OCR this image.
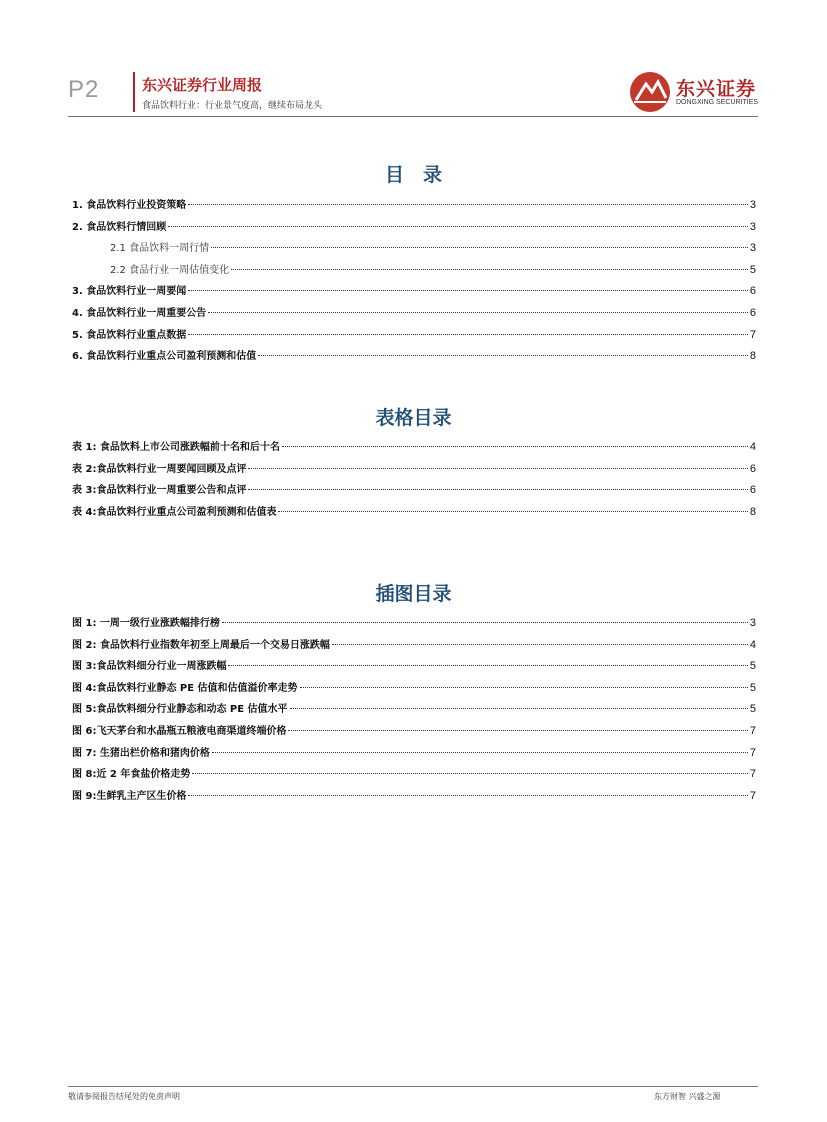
P2	东兴证券行业周报
食品饮料行业：行业景气度高，继续布局龙头
东兴证券
DONGXING SECURITIES
目　录
1. 食品饮料行业投资策略	3
2. 食品饮料行情回顾	3
2.1 食品饮料一周行情	3
2.2 食品行业一周估值变化	5
3. 食品饮料行业一周要闻	6
4. 食品饮料行业一周重要公告	6
5. 食品饮料行业重点数据	7
6. 食品饮料行业重点公司盈利预测和估值	8
表格目录
表 1: 食品饮料上市公司涨跌幅前十名和后十名	4
表 2:食品饮料行业一周要闻回顾及点评	6
表 3:食品饮料行业一周重要公告和点评	6
表 4:食品饮料行业重点公司盈利预测和估值表	8
插图目录
图 1: 一周一级行业涨跌幅排行榜	3
图 2: 食品饮料行业指数年初至上周最后一个交易日涨跌幅	4
图 3:食品饮料细分行业一周涨跌幅	5
图 4:食品饮料行业静态 PE 估值和估值溢价率走势	5
图 5:食品饮料细分行业静态和动态 PE 估值水平	5
图 6:飞天茅台和水晶瓶五粮液电商渠道终端价格	7
图 7: 生猪出栏价格和猪肉价格	7
图 8:近 2 年食盐价格走势	7
图 9:生鲜乳主产区生价格	7
敬请参阅报告结尾处的免责声明	东方财智 兴盛之源
